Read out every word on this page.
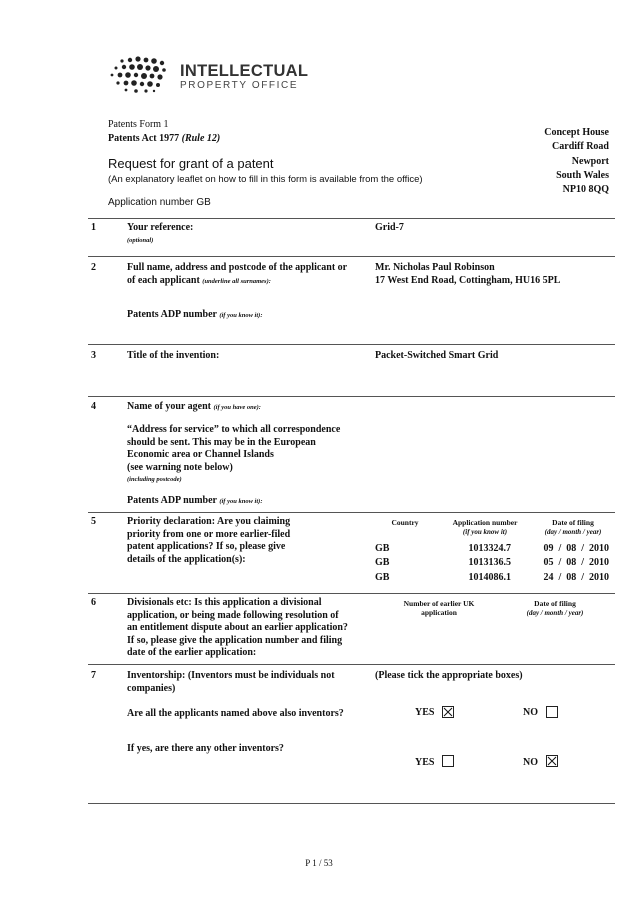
INTELLECTUAL
PROPERTY OFFICE
Patents Form 1
Patents Act 1977 (Rule 12)
Request for grant of a patent
(An explanatory leaflet on how to fill in this form is available from the office)
Application number GB
Concept House
Cardiff Road
Newport
South Wales
NP10 8QQ
1	Your reference:
(optional)
Grid-7
2	Full name, address and postcode of the applicant or
of each applicant (underline all surnames):
Mr. Nicholas Paul Robinson
17 West End Road, Cottingham, HU16 5PL
Patents ADP number (if you know it):
3	Title of the invention:	Packet-Switched Smart Grid
4	Name of your agent (if you have one):
“Address for service” to which all correspondence
should be sent. This may be in the European
Economic area or Channel Islands
(see warning note below)
(including postcode)
Patents ADP number (if you know it):
5	Priority declaration: Are you claiming
priority from one or more earlier-filed
patent applications? If so, please give
details of the application(s):
Country	Application number
(if you know it)
Date of filing
(day / month / year)
GB	1013324.7	09  /  08  /  2010
GB	1013136.5	05  /  08  /  2010
GB	1014086.1	24  /  08  /  2010
6	Divisionals etc: Is this application a divisional
application, or being made following resolution of
an entitlement dispute about an earlier application?
If so, please give the application number and filing
date of the earlier application:
Number of earlier UK
application
Date of filing
(day / month / year)
7	Inventorship: (Inventors must be individuals not
companies)
(Please tick the appropriate boxes)
Are all the applicants named above also inventors?	YES	NO
If yes, are there any other inventors?
YES	NO
P 1 / 53
